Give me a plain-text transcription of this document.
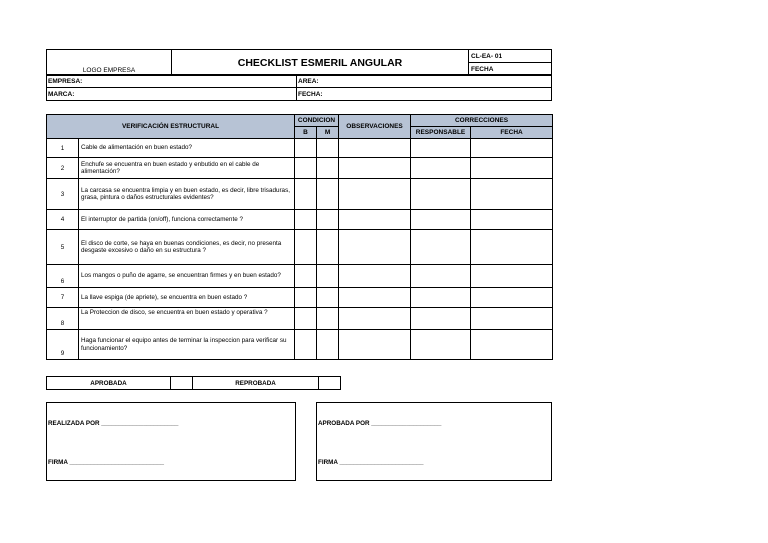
LOGO EMPRESA	CHECKLIST ESMERIL ANGULAR	CL-EA- 01
FECHA
EMPRESA:	AREA:
MARCA:	FECHA:
VERIFICACIÓN ESTRUCTURAL		CONDICION		OBSERVACIONES	CORRECCIONES	
		B	M		RESPONSABLE	FECHA
1	Cable de alimentación en buen estado?					
2	Enchufe se encuentra en buen estado y enbutido en el cable de alimentación?					
3	La carcasa se encuentra limpia y en buen estado, es decir, libre trisaduras, grasa, pintura o daños estructurales evidentes?					
4	El interruptor de partida (on/off), funciona correctamente ?					
5	El disco de corte, se haya en buenas condiciones, es decir, no presenta desgaste excesivo o daño en su estructura ?					
6	Los mangos o puño de agarre, se encuentran firmes y en buen estado?					
7	La llave espiga (de apriete), se encuentra en buen estado ?					
8	La Proteccion de disco, se encuentra en buen estado y operativa ?					
9	Haga funcionar el equipo antes de terminar la inspeccion para verificar su funcionamiento?					
APROBADA		REPROBADA	
REALIZADA POR ______________________
FIRMA ___________________________
APROBADA POR ____________________
FIRMA ________________________
